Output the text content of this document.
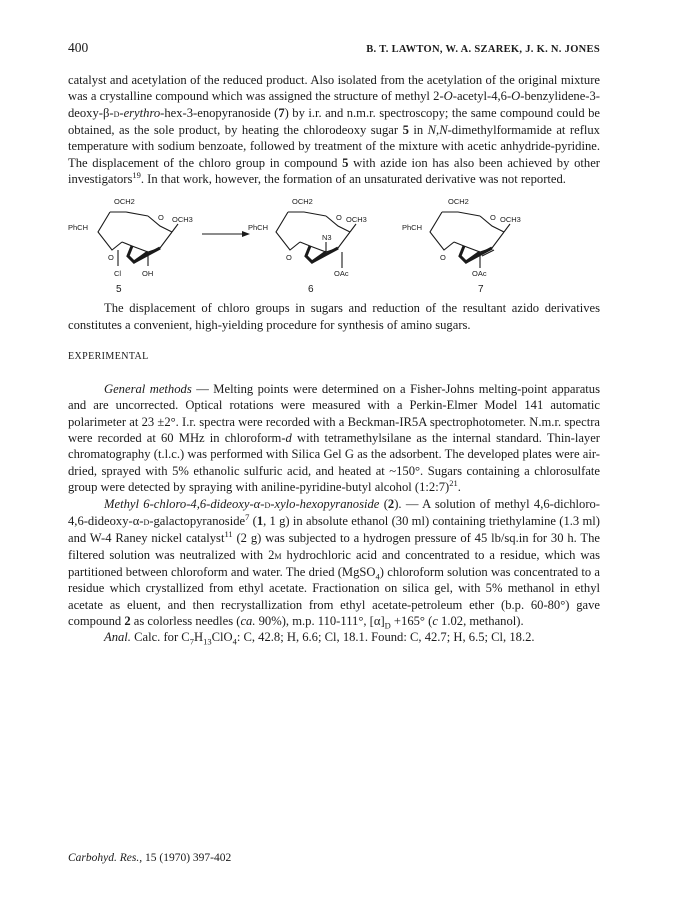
400	B. T. LAWTON, W. A. SZAREK, J. K. N. JONES

catalyst and acetylation of the reduced product. Also isolated from the acetylation of the original mixture was a crystalline compound which was assigned the structure of methyl 2-O-acetyl-4,6-O-benzylidene-3-deoxy-β-d-erythro-hex-3-enopyranoside (7) by i.r. and n.m.r. spectroscopy; the same compound could be obtained, as the sole product, by heating the chlorodeoxy sugar 5 in N,N-dimethylformamide at reflux temperature with sodium benzoate, followed by treatment of the mixture with acetic anhydride-pyridine. The displacement of the chloro group in compound 5 with azide ion has also been achieved by other investigators$^{19}$. In that work, however, the formation of an unsaturated derivative was not reported.

OCH2
O OCH3
PhCH
O
Cl	OH
5
OCH2
O OCH3
PhCH
N3
O
OAc
6
OCH2
O OCH3
PhCH
O
OAc
7

The displacement of chloro groups in sugars and reduction of the resultant azido derivatives constitutes a convenient, high-yielding procedure for synthesis of amino sugars.

EXPERIMENTAL

General methods — Melting points were determined on a Fisher-Johns melting-point apparatus and are uncorrected. Optical rotations were measured with a Perkin-Elmer Model 141 automatic polarimeter at 23 ±2°. I.r. spectra were recorded with a Beckman-IR5A spectrophotometer. N.m.r. spectra were recorded at 60 MHz in chloroform-d with tetramethylsilane as the internal standard. Thin-layer chromatography (t.l.c.) was performed with Silica Gel G as the adsorbent. The developed plates were air-dried, sprayed with 5% ethanolic sulfuric acid, and heated at ~150°. Sugars containing a chlorosulfate group were detected by spraying with aniline-pyridine-butyl alcohol (1:2:7)$^{21}$.

Methyl 6-chloro-4,6-dideoxy-α-d-xylo-hexopyranoside (2). — A solution of methyl 4,6-dichloro-4,6-dideoxy-α-d-galactopyranoside$^7$ (1, 1 g) in absolute ethanol (30 ml) containing triethylamine (1.3 ml) and W-4 Raney nickel catalyst$^{11}$ (2 g) was subjected to a hydrogen pressure of 45 lb/sq.in for 30 h. The filtered solution was neutralized with 2m hydrochloric acid and concentrated to a residue, which was partitioned between chloroform and water. The dried (MgSO$_4$) chloroform solution was concentrated to a residue which crystallized from ethyl acetate. Fractionation on silica gel, with 5% methanol in ethyl acetate as eluent, and then recrystallization from ethyl acetate-petroleum ether (b.p. 60-80°) gave compound 2 as colorless needles (ca. 90%), m.p. 110-111°, $[\alpha]_D +165^\circ$ (c 1.02, methanol).

Anal. Calc. for $C_7H_{13}ClO_4$: C, 42.8; H, 6.6; Cl, 18.1. Found: C, 42.7; H, 6.5; Cl, 18.2.

Carbohyd. Res., 15 (1970) 397-402
